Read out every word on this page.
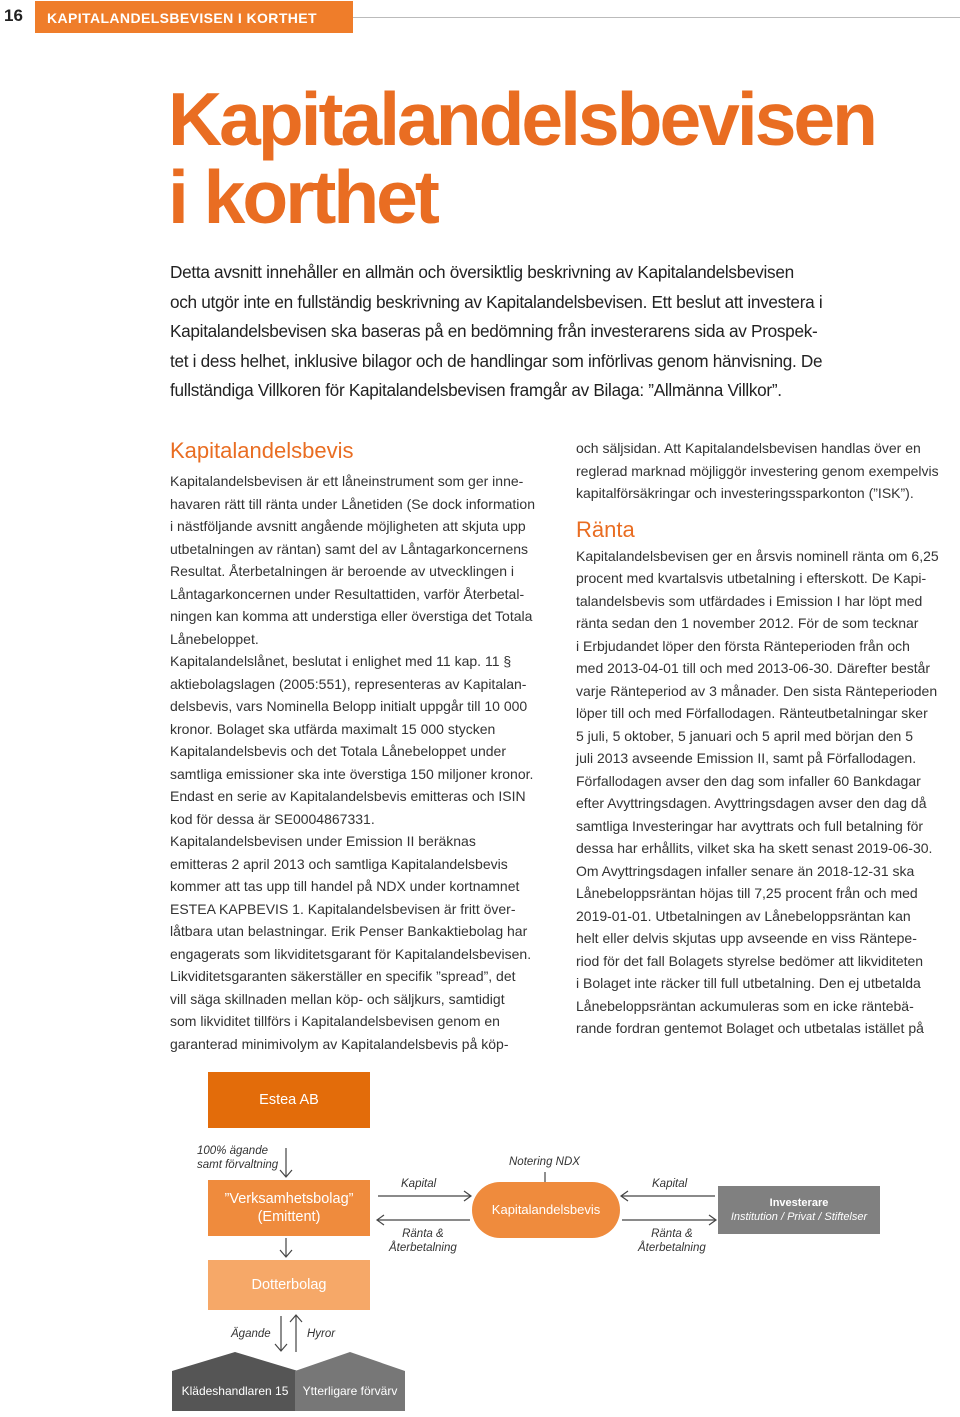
16 KAPITALANDELSBEVISEN I KORTHET
Kapitalandelsbevisen
i korthet

Detta avsnitt innehåller en allmän och översiktlig beskrivning av Kapitalandelsbevisen
och utgör inte en fullständig beskrivning av Kapitalandelsbevisen. Ett beslut att investera i
Kapitalandelsbevisen ska baseras på en bedömning från investerarens sida av Prospek-
tet i dess helhet, inklusive bilagor och de handlingar som införlivas genom hänvisning. De
fullständiga Villkoren för Kapitalandelsbevisen framgår av Bilaga: ”Allmänna Villkor”.

Kapitalandelsbevis
Kapitalandelsbevisen är ett låneinstrument som ger inne-
havaren rätt till ränta under Lånetiden (Se dock information
i nästföljande avsnitt angående möjligheten att skjuta upp
utbetalningen av räntan) samt del av Låntagarkoncernens
Resultat. Återbetalningen är beroende av utvecklingen i
Låntagarkoncernen under Resultattiden, varför Återbetal-
ningen kan komma att understiga eller överstiga det Totala
Lånebeloppet.
Kapitalandelslånet, beslutat i enlighet med 11 kap. 11 §
aktiebolagslagen (2005:551), representeras av Kapitalan-
delsbevis, vars Nominella Belopp initialt uppgår till 10 000
kronor. Bolaget ska utfärda maximalt 15 000 stycken
Kapitalandelsbevis och det Totala Lånebeloppet under
samtliga emissioner ska inte överstiga 150 miljoner kronor.
Endast en serie av Kapitalandelsbevis emitteras och ISIN
kod för dessa är SE0004867331.
Kapitalandelsbevisen under Emission II beräknas
emitteras 2 april 2013 och samtliga Kapitalandelsbevis
kommer att tas upp till handel på NDX under kortnamnet
ESTEA KAPBEVIS 1. Kapitalandelsbevisen är fritt över-
låtbara utan belastningar. Erik Penser Bankaktiebolag har
engagerats som likviditetsgarant för Kapitalandelsbevisen.
Likviditetsgaranten säkerställer en specifik ”spread”, det
vill säga skillnaden mellan köp- och säljkurs, samtidigt
som likviditet tillförs i Kapitalandelsbevisen genom en
garanterad minimivolym av Kapitalandelsbevis på köp-
och säljsidan. Att Kapitalandelsbevisen handlas över en
reglerad marknad möjliggör investering genom exempelvis
kapitalförsäkringar och investeringssparkonton (”ISK”).
Ränta
Kapitalandelsbevisen ger en årsvis nominell ränta om 6,25
procent med kvartalsvis utbetalning i efterskott. De Kapi-
talandelsbevis som utfärdades i Emission I har löpt med
ränta sedan den 1 november 2012. För de som tecknar
i Erbjudandet löper den första Ränteperioden från och
med 2013-04-01 till och med 2013-06-30. Därefter består
varje Ränteperiod av 3 månader. Den sista Ränteperioden
löper till och med Förfallodagen. Ränteutbetalningar sker
5 juli, 5 oktober, 5 januari och 5 april med början den 5
juli 2013 avseende Emission II, samt på Förfallodagen.
Förfallodagen avser den dag som infaller 60 Bankdagar
efter Avyttringsdagen. Avyttringsdagen avser den dag då
samtliga Investeringar har avyttrats och full betalning för
dessa har erhållits, vilket ska ha skett senast 2019-06-30.
Om Avyttringsdagen infaller senare än 2018-12-31 ska
Lånebeloppsräntan höjas till 7,25 procent från och med
2019-01-01. Utbetalningen av Lånebeloppsräntan kan
helt eller delvis skjutas upp avseende en viss Räntepe-
riod för det fall Bolagets styrelse bedömer att likviditeten
i Bolaget inte räcker till full utbetalning. Den ej utbetalda
Lånebeloppsräntan ackumuleras som en icke räntebä-
rande fordran gentemot Bolaget och utbetalas istället på
Estea AB
100% ägande
samt förvaltning
”Verksamhetsbolag”
(Emittent)
Dotterbolag
Ägande	Hyror
Klädeshandlaren 15 Ytterligare förvärv
Kapital
Ränta &
Återbetalning
Notering NDX
Kapitalandelsbevis
Kapital
Ränta &
Återbetalning
Investerare
Institution / Privat / Stiftelser
